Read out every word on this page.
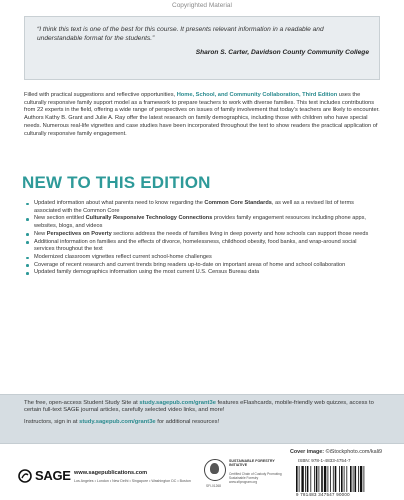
Copyrighted Material

“I think this text is one of the best for this course. It presents relevant information in a readable and understandable format for the students.”

Sharon S. Carter, Davidson County Community College

Filled with practical suggestions and reflective opportunities, Home, School, and Community Collaboration, Third Edition uses the culturally responsive family support model as a framework to prepare teachers to work with diverse families. This text includes contributions from 22 experts in the field, offering a wide range of perspectives on issues of family involvement that today’s teachers are likely to encounter. Authors Kathy B. Grant and Julie A. Ray offer the latest research on family demographics, including those with children who have special needs. Numerous real-life vignettes and case studies have been incorporated throughout the text to show readers the practical application of culturally responsive family engagement.

NEW TO THIS EDITION
Updated information about what parents need to know regarding the Common Core Standards, as well as a revised list of terms associated with the Common Core
New section entitled Culturally Responsive Technology Connections provides family engagement resources including phone apps, websites, blogs, and videos
New Perspectives on Poverty sections address the needs of families living in deep poverty and how schools can support those needs
Additional information on families and the effects of divorce, homelessness, childhood obesity, food banks, and wrap-around social services throughout the text
Modernized classroom vignettes reflect current school-home challenges
Coverage of recent research and current trends bring readers up-to-date on important areas of home and school collaboration
Updated family demographics information using the most current U.S. Census Bureau data

The free, open-access Student Study Site at study.sagepub.com/grant3e features eFlashcards, mobile-friendly web quizzes, access to certain full-text SAGE journal articles, carefully selected video links, and more!

Instructors, sign in at study.sagepub.com/grant3e for additional resources!

Cover image: ©iStockphoto.com/kali9
SAGE www.sagepublications.com
Los Angeles • London • New Delhi • Singapore • Washington DC • Boston
SUSTAINABLE FORESTRY INITIATIVE
Certified Chain of Custody Promoting Sustainable Forestry www.sfiprogram.org
SFI-01268
ISBN: 978-1-4833-4754-7
9 781483 347547 90000
